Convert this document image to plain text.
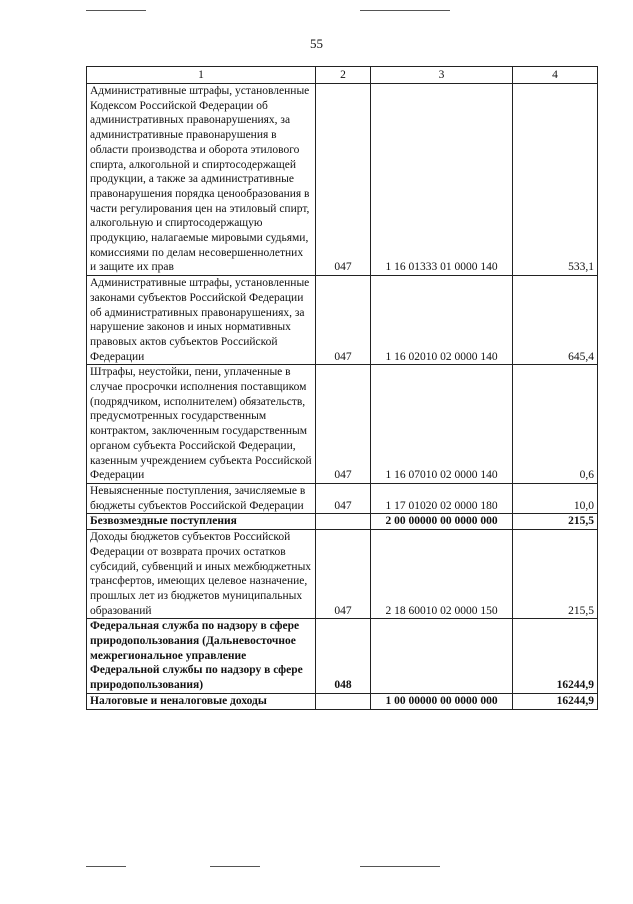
55
1	2	3	4
Административные штрафы, установленные Кодексом Российской Федерации об административных правонарушениях, за административные правонарушения в области производства и оборота этилового спирта, алкогольной и спиртосодержащей продукции, а также за административные правонарушения порядка ценообразования в части регулирования цен на этиловый спирт, алкогольную и спиртосодержащую продукцию, налагаемые мировыми судьями, комиссиями по делам несовершеннолетних и защите их прав	047	1 16 01333 01 0000 140	533,1
Административные штрафы, установленные законами субъектов Российской Федерации об административных правонарушениях, за нарушение законов и иных нормативных правовых актов субъектов Российской Федерации	047	1 16 02010 02 0000 140	645,4
Штрафы, неустойки, пени, уплаченные в случае просрочки исполнения поставщиком (подрядчиком, исполнителем) обязательств, предусмотренных государственным контрактом, заключенным государственным органом субъекта Российской Федерации, казенным учреждением субъекта Российской Федерации	047	1 16 07010 02 0000 140	0,6
Невыясненные поступления, зачисляемые в бюджеты субъектов Российской Федерации	047	1 17 01020 02 0000 180	10,0
Безвозмездные поступления		2 00 00000 00 0000 000	215,5
Доходы бюджетов субъектов Российской Федерации от возврата прочих остатков субсидий, субвенций и иных межбюджетных трансфертов, имеющих целевое назначение, прошлых лет из бюджетов муниципальных образований	047	2 18 60010 02 0000 150	215,5
Федеральная служба по надзору в сфере природопользования (Дальневосточное межрегиональное управление Федеральной службы по надзору в сфере природопользования)	048		16244,9
Налоговые и неналоговые доходы		1 00 00000 00 0000 000	16244,9
